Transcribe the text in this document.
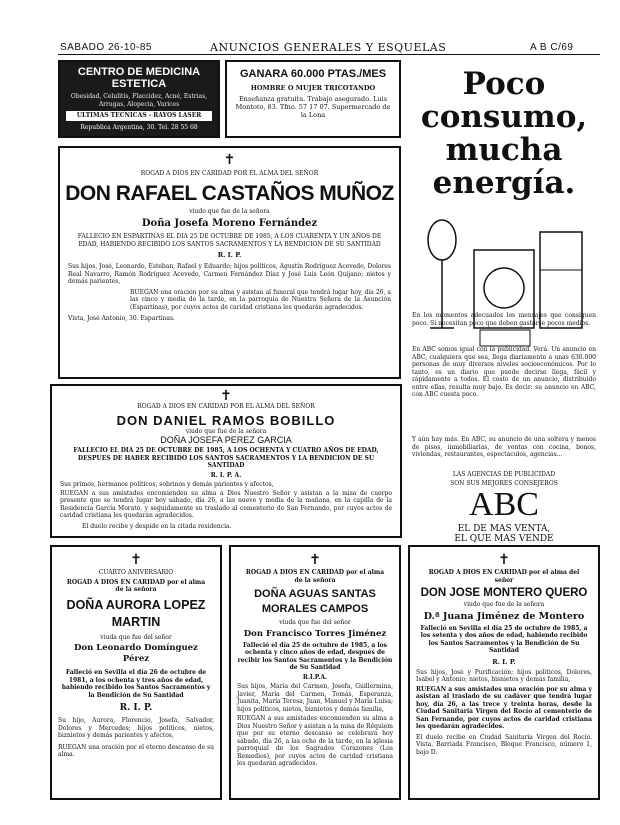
SABADO 26-10-85	ANUNCIOS GENERALES Y ESQUELAS	A B C/69
CENTRO DE MEDICINA ESTETICA
Obesidad, Celulitis, Flaccidez, Acné, Estrias, Arrugas, Alopecia, Varices
ULTIMAS TECNICAS - RAYOS LASER
Republica Argentina, 30. Tel. 28 55 68
GANARA 60.000 PTAS./MES
HOMBRE O MUJER TRICOTANDO
Enseñanza gratuita. Trabajo asegurado. Luis Montoto, 83. Tfno. 57 17 07. Supermercado de la Lona
Poco consumo, mucha energía.
En los momentos adecuados los mensajes que consiguen poco. Sí necesitan poco que deben gastarse pocos medios.
En ABC somos igual con la publicidad. Verá. Un anuncio en ABC, cualquiera que sea, llega diariamente a unas 630.000 personas de muy diversos niveles socioeconómicos. Por lo tanto, es un diario que puede decirse llega, fácil y rápidamente a todos. El costo de un anuncio, distribuido entre ellas, resulta muy bajo. Es decir: su anuncio en ABC, con ABC cuesta poco.
Y aún hay más. En ABC, su anuncio de una soltera y menos de pisos, inmobiliarias, de ventas con cocina, bonos, viviendas, restaurantes, espectáculos, agencias...
LAS AGENCIAS DE PUBLICIDAD
SON SUS MEJORES CONSEJEROS
ABC
EL DE MAS VENTA,
EL QUE MAS VENDE
✝
ROGAD A DIOS EN CARIDAD POR EL ALMA DEL SEÑOR
DON RAFAEL CASTAÑOS MUÑOZ
viudo que fue de la señora
Doña Josefa Moreno Fernández
FALLECIO EN ESPARTINAS EL DIA 25 DE OCTUBRE DE 1985, A LOS CUARENTA Y UN AÑOS DE EDAD, HABIENDO RECIBIDO LOS SANTOS SACRAMENTOS Y LA BENDICION DE SU SANTIDAD
R. I. P.
Sus hijos, José, Leonardo, Esteban, Rafael y Eduardo; hijos políticos, Agustín Rodríguez Acevedo, Dolores Real Navarro, Ramón Rodríguez Acevedo, Carmen Fernández Díaz y José Luis León Quijano; nietos y demás parientes,
RUEGAN una oración por su alma y asistan al funeral que tendrá lugar hoy, día 26, a las cinco y media de la tarde, en la parroquia de Nuestra Señora de la Asunción (Espartinas), por cuyos actos de caridad cristiana les quedarán agradecidos.
Vista, José Antonio, 30. Espartinas.
✝
ROGAD A DIOS EN CARIDAD POR EL ALMA DEL SEÑOR
DON DANIEL RAMOS BOBILLO
viudo que fue de la señora
DOÑA JOSEFA PEREZ GARCIA
FALLECIO EL DIA 25 DE OCTUBRE DE 1985, A LOS OCHENTA Y CUATRO AÑOS DE EDAD, DESPUES DE HABER RECIBIDO LOS SANTOS SACRAMENTOS Y LA BENDICION DE SU SANTIDAD
R. I. P. A.
Sus primos, hermanos políticos, sobrinos y demás parientes y afectos,
RUEGAN a sus amistades encomienden su alma a Dios Nuestro Señor y asistan a la misa de cuerpo presente que se tendrá lugar hoy sábado, día 26, a las nueve y media de la mañana, en la capilla de la Residencia García Morato, y seguidamente su traslado al cementerio de San Fernando, por cuyos actos de caridad cristiana les quedarán agradecidos.
El duelo recibe y despide en la citada residencia.
✝
CUARTO ANIVERSARIO
ROGAD A DIOS EN CARIDAD por el alma de la señora
DOÑA AURORA LOPEZ MARTIN
viuda que fue del señor
Don Leonardo Domínguez Pérez
Falleció en Sevilla el día 26 de octubre de 1981, a los ochenta y tres años de edad, habiendo recibido los Santos Sacramentos y la Bendición de Su Santidad
R. I. P.
Su hijo, Aurora, Florencio, Josefa, Salvador, Dolores y Mercedes; hijos políticos, nietos, biznietos y demás parientes y afectos,
RUEGAN una oración por el eterno descanso de su alma.
✝
ROGAD A DIOS EN CARIDAD por el alma de la señora
DOÑA AGUAS SANTAS MORALES CAMPOS
viuda que fue del señor
Don Francisco Torres Jiménez
Falleció el día 25 de octubre de 1985, a los ochenta y cinco años de edad, después de recibir los Santos Sacramentos y la Bendición de Su Santidad
R.I.P.A.
Sus hijos, María del Carmen, Josefa, Guillermina, Javier, María del Carmen, Tomás, Esperanza, Juanita, María Teresa, Juan, Manuel y María Luisa; hijos políticos, nietos, biznietos y demás familia,
RUEGAN a sus amistades encomienden su alma a Dios Nuestro Señor y asistan a la misa de Réquiem que por su eterno descanso se celebrará hoy sábado, día 26, a las ocho de la tarde, en la iglesia parroquial de los Sagrados Corazones (Los Remedios), por cuyos actos de caridad cristiana les quedarán agradecidos.
✝
ROGAD A DIOS EN CARIDAD por el alma del señor
DON JOSE MONTERO QUERO
viudo que fue de la señora
D.ª Juana Jiménez de Montero
Falleció en Sevilla el día 25 de octubre de 1985, a los setenta y dos años de edad, habiendo recibido los Santos Sacramentos y la Bendición de Su Santidad
R. I. P.
Sus hijos, José y Purificación; hijos políticos, Dolores, Isabel y Antonio; nietos, bisnietos y demás familia,
RUEGAN a sus amistades una oración por su alma y asistan al traslado de su cadáver que tendrá lugar hoy, día 26, a las trece y treinta horas, desde la Ciudad Sanitaria Virgen del Rocío al cementerio de San Fernando, por cuyos actos de caridad cristiana les quedarán agradecidos.
El duelo recibe en Ciudad Sanitaria Virgen del Rocío. Vista, Barriada Francisco, Bloque Francisco, número 1, bajo D.
